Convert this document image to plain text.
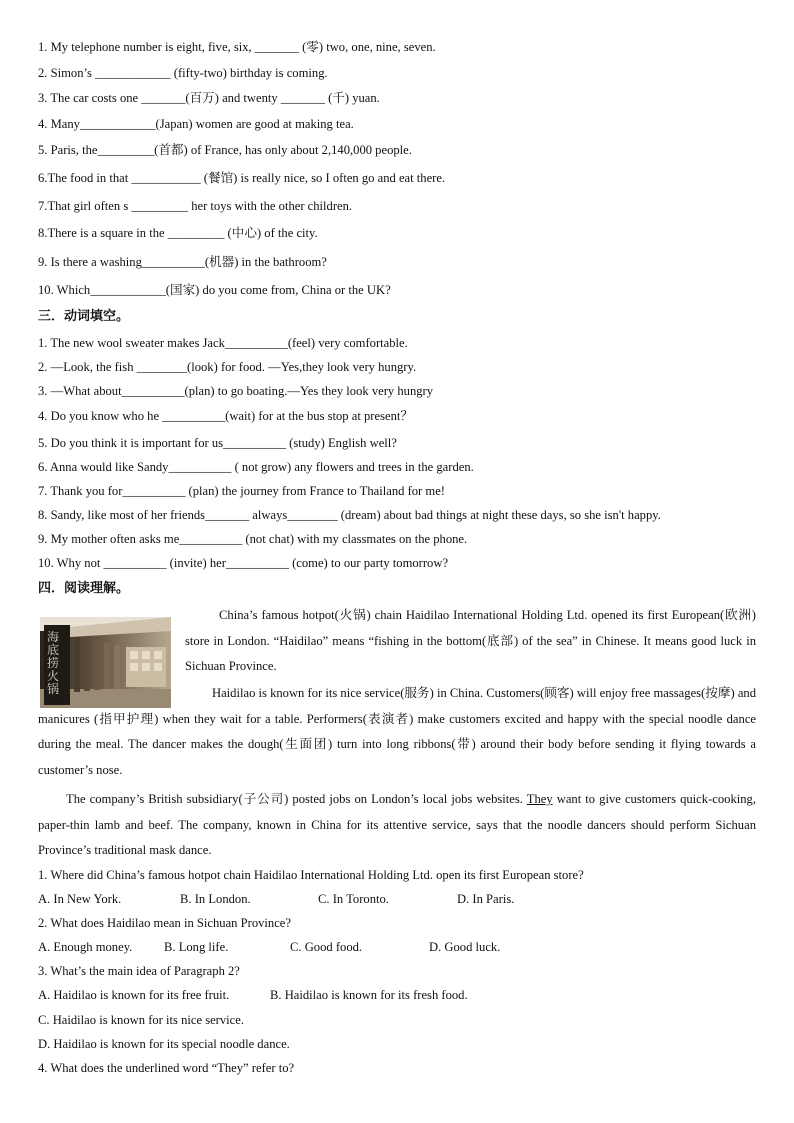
1. My telephone number is eight, five, six, _______ (零) two, one, nine, seven.
2. Simon’s ____________ (fifty-two) birthday is coming.
3. The car costs one _______(百万) and twenty _______ (千) yuan.
4. Many____________(Japan) women are good at making tea.
5. Paris, the_________(首都) of France, has only about 2,140,000 people.
6.The food in that ___________ (餐馆) is really nice, so I often go and eat there.
7.That girl often s _________ her toys with the other children.
8.There is a square in the _________ (中心) of the city.
9. Is there a washing__________(机器) in the bathroom?
10. Which____________(国家) do you come from, China or the UK?
三．动词填空。
1. The new wool sweater makes Jack__________(feel) very comfortable.
2. —Look, the fish ________(look) for food. —Yes,they look very hungry.
3. —What about__________(plan) to go boating.—Yes they look very hungry
4. Do you know who he __________(wait) for at the bus stop at present？
5. Do you think it is important for us__________ (study) English well?
6. Anna would like Sandy__________ ( not grow) any flowers and trees in the garden.
7. Thank you for__________ (plan) the journey from France to Thailand for me!
8. Sandy, like most of her friends_______ always________ (dream) about bad things at night these days, so she isn't happy.
9. My mother often asks me__________ (not chat) with my classmates on the phone.
10. Why not __________ (invite) her__________ (come) to our party tomorrow?
四．阅读理解。
海底捞火锅
China’s famous hotpot(火锅) chain Haidilao International Holding Ltd. opened its first European(欧洲) store in London. “Haidilao” means “fishing in the bottom(底部) of the sea” in Chinese. It means good luck in Sichuan Province.
Haidilao is known for its nice service(服务) in China. Customers(顾客) will enjoy free massages(按摩) and manicures (指甲护理) when they wait for a table. Performers(表演者) make customers excited and happy with the special noodle dance during the meal. The dancer makes the dough(生面团) turn into long ribbons(带) around their body before sending it flying towards a customer’s nose.
The company’s British subsidiary(子公司) posted jobs on London’s local jobs websites. They want to give customers quick-cooking, paper-thin lamb and beef. The company, known in China for its attentive service, says that the noodle dancers should perform Sichuan Province’s traditional mask dance.
1. Where did China’s famous hotpot chain Haidilao International Holding Ltd. open its first European store?
A. In New York.	B. In London.	C. In Toronto.	D. In Paris.
2. What does Haidilao mean in Sichuan Province?
A. Enough money.	B. Long life.	C. Good food.	D. Good luck.
3. What’s the main idea of Paragraph 2?
A. Haidilao is known for its free fruit.	B. Haidilao is known for its fresh food.
C. Haidilao is known for its nice service.
D. Haidilao is known for its special noodle dance.
4. What does the underlined word “They” refer to?
